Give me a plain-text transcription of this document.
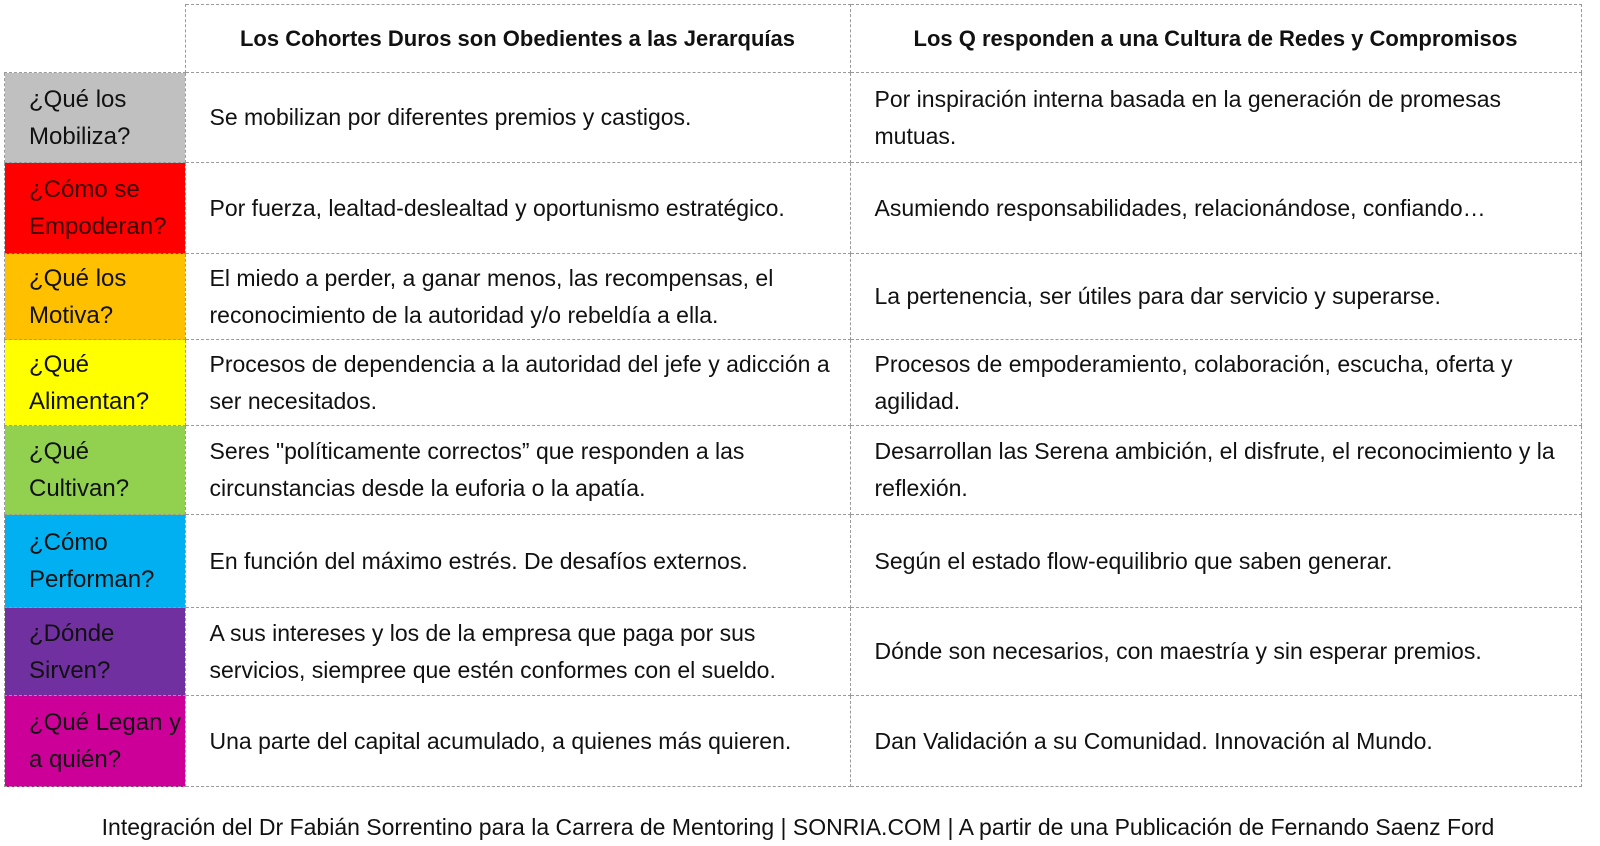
	Los Cohortes Duros son Obedientes a las Jerarquías	Los Q responden a una Cultura de Redes y Compromisos
¿Qué los Mobiliza?	Se mobilizan por diferentes premios y castigos.	Por inspiración interna basada en la generación de promesas mutuas.
¿Cómo se Empoderan?	Por fuerza, lealtad-deslealtad y oportunismo estratégico.	Asumiendo responsabilidades, relacionándose, confiando…
¿Qué los Motiva?	El miedo a perder, a ganar menos, las recompensas, el reconocimiento de la autoridad y/o rebeldía a ella.	La pertenencia, ser útiles para dar servicio y superarse.
¿Qué Alimentan?	Procesos de dependencia a la autoridad del jefe y adicción a ser necesitados.	Procesos de empoderamiento, colaboración, escucha, oferta y agilidad.
¿Qué Cultivan?	Seres "políticamente correctos” que responden a las circunstancias desde la euforia o la apatía.	Desarrollan las Serena ambición, el disfrute, el reconocimiento y la reflexión.
¿Cómo Performan?	En función del máximo estrés. De desafíos externos.	Según el estado flow-equilibrio que saben generar.
¿Dónde Sirven?	A sus intereses y los de la empresa que paga por sus servicios, siempree que estén conformes con el sueldo.	Dónde son necesarios, con maestría y sin esperar premios.
¿Qué Legan y a quién?	Una parte del capital acumulado, a quienes más quieren.	Dan Validación a su Comunidad. Innovación al Mundo.
Integración del Dr Fabián Sorrentino para la Carrera de Mentoring | SONRIA.COM | A partir de una Publicación de Fernando Saenz Ford
